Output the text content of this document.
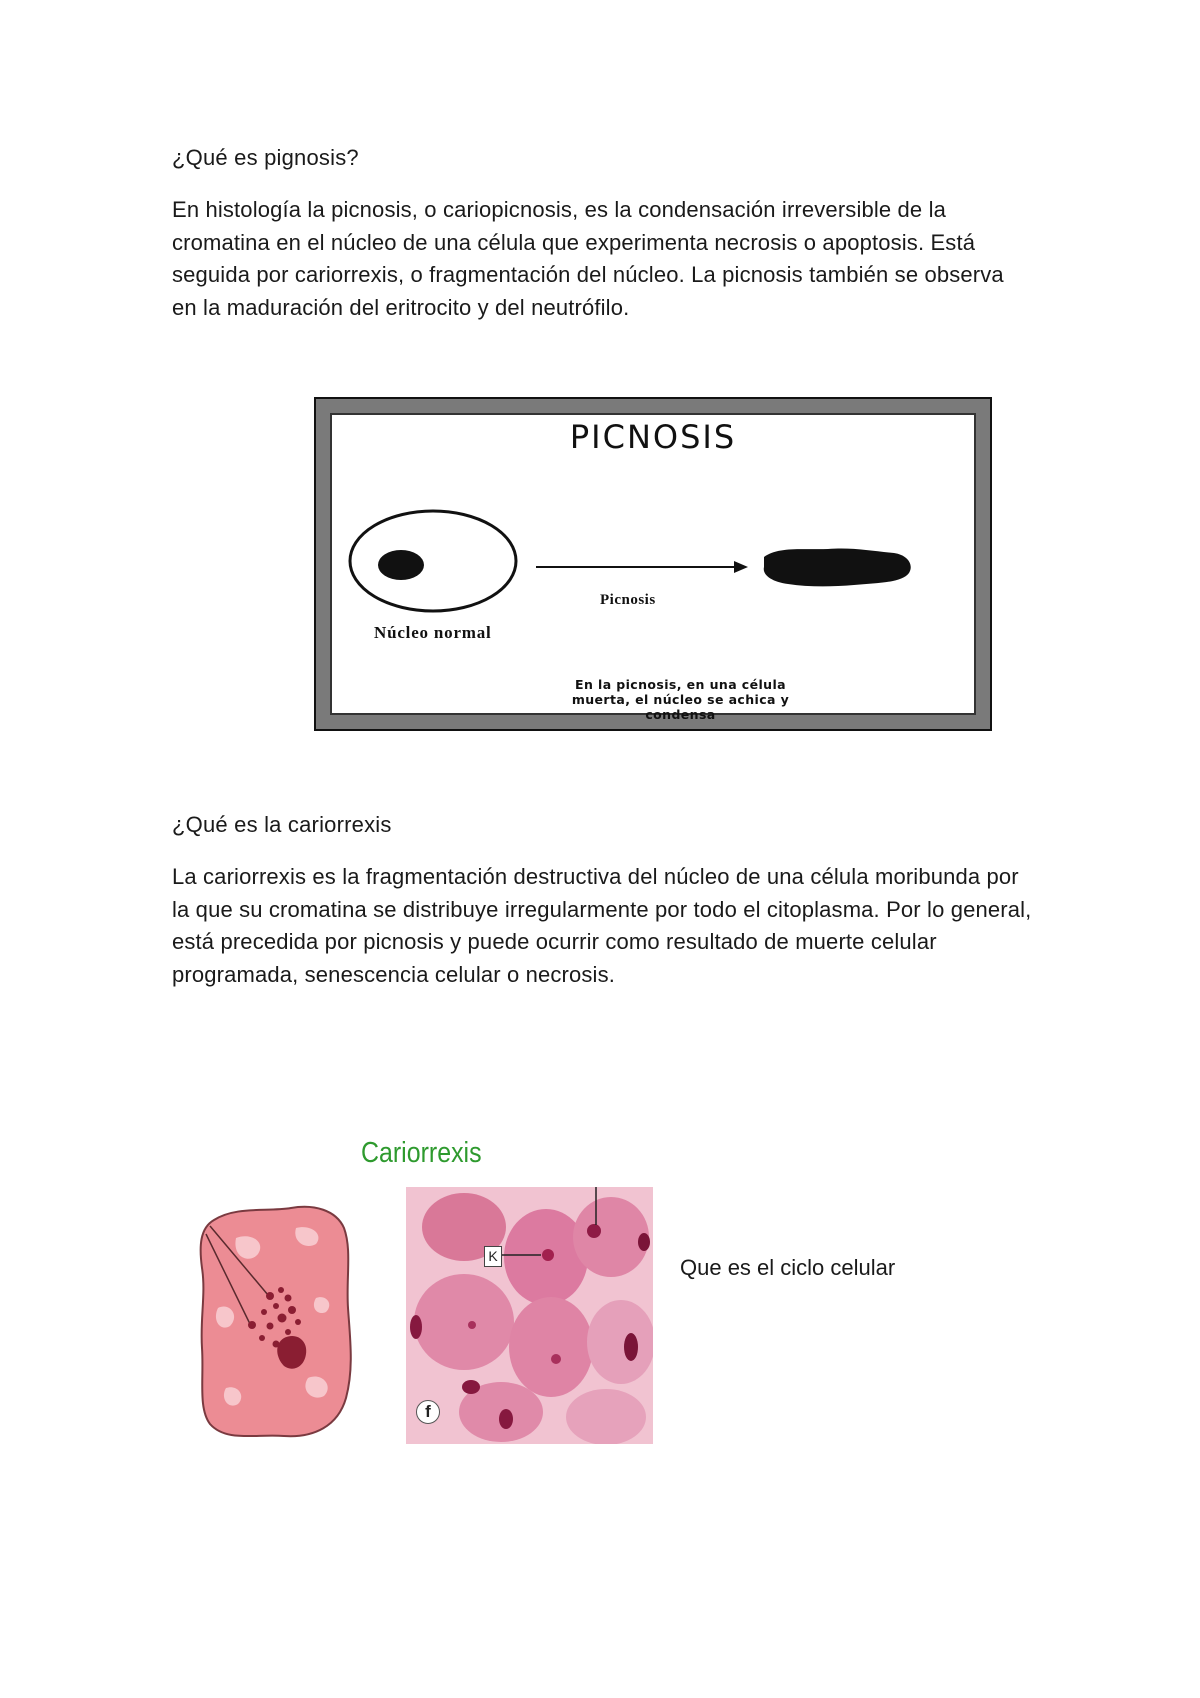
¿Qué es pignosis?

En histología la picnosis, o cariopicnosis, es la condensación irreversible de la cromatina en el núcleo de una célula que experimenta necrosis o apoptosis. Está seguida por cariorrexis, o fragmentación del núcleo. La picnosis también se observa en la maduración del eritrocito y del neutrófilo.

PICNOSIS
Picnosis
Núcleo normal
En la picnosis, en una célula muerta, el núcleo se achica y condensa

¿Qué es la cariorrexis

La cariorrexis es la fragmentación destructiva del núcleo de una célula moribunda por la que su cromatina se distribuye irregularmente por todo el citoplasma. Por lo general, está precedida por picnosis y puede ocurrir como resultado de muerte celular programada, senescencia celular o necrosis.

Cariorrexis
K
f

Que es el ciclo celular
